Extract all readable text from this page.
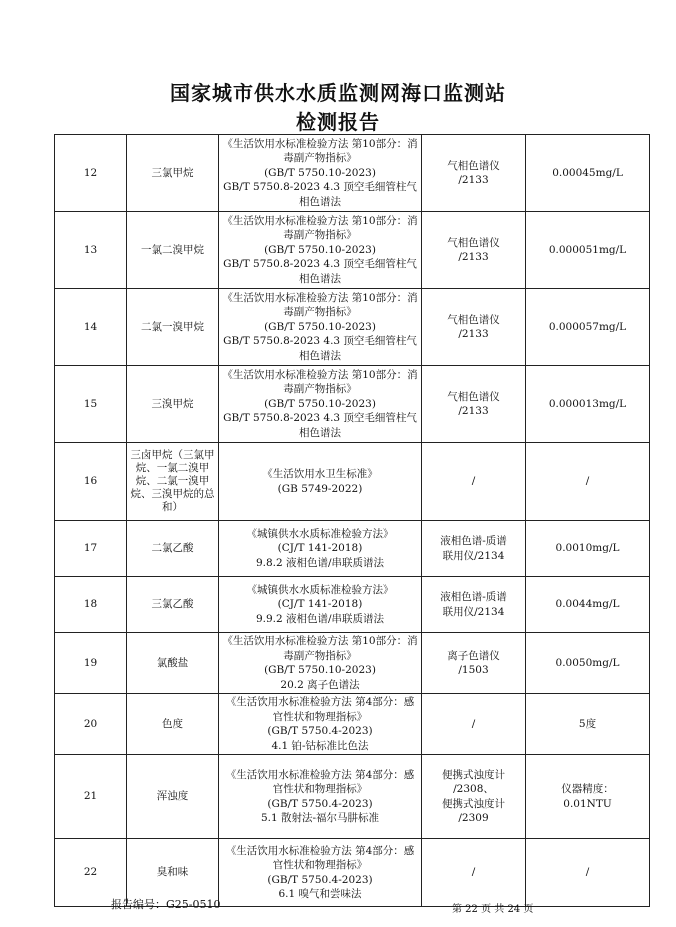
国家城市供水水质监测网海口监测站
检测报告
12	三氯甲烷	《生活饮用水标准检验方法 第10部分：消毒副产物指标》
(GB/T 5750.10-2023)
GB/T 5750.8-2023 4.3 顶空毛细管柱气相色谱法	气相色谱仪
/2133	0.00045mg/L
13	一氯二溴甲烷	《生活饮用水标准检验方法 第10部分：消毒副产物指标》
(GB/T 5750.10-2023)
GB/T 5750.8-2023 4.3 顶空毛细管柱气相色谱法	气相色谱仪
/2133	0.000051mg/L
14	二氯一溴甲烷	《生活饮用水标准检验方法 第10部分：消毒副产物指标》
(GB/T 5750.10-2023)
GB/T 5750.8-2023 4.3 顶空毛细管柱气相色谱法	气相色谱仪
/2133	0.000057mg/L
15	三溴甲烷	《生活饮用水标准检验方法 第10部分：消毒副产物指标》
(GB/T 5750.10-2023)
GB/T 5750.8-2023 4.3 顶空毛细管柱气相色谱法	气相色谱仪
/2133	0.000013mg/L
16	三卤甲烷（三氯甲烷、一氯二溴甲烷、二氯一溴甲烷、三溴甲烷的总和）	《生活饮用水卫生标准》
(GB 5749-2022)	/	/
17	二氯乙酸	《城镇供水水质标准检验方法》
(CJ/T 141-2018)
9.8.2 液相色谱/串联质谱法	液相色谱-质谱
联用仪/2134	0.0010mg/L
18	三氯乙酸	《城镇供水水质标准检验方法》
(CJ/T 141-2018)
9.9.2 液相色谱/串联质谱法	液相色谱-质谱
联用仪/2134	0.0044mg/L
19	氯酸盐	《生活饮用水标准检验方法 第10部分：消毒副产物指标》
(GB/T 5750.10-2023)
20.2 离子色谱法	离子色谱仪
/1503	0.0050mg/L
20	色度	《生活饮用水标准检验方法 第4部分：感官性状和物理指标》
(GB/T 5750.4-2023)
4.1 铂-钴标准比色法	/	5度
21	浑浊度	《生活饮用水标准检验方法 第4部分：感官性状和物理指标》
(GB/T 5750.4-2023)
5.1 散射法-福尔马肼标准	便携式浊度计
/2308、
便携式浊度计
/2309	仪器精度：
0.01NTU
22	臭和味	《生活饮用水标准检验方法 第4部分：感官性状和物理指标》
(GB/T 5750.4-2023)
6.1 嗅气和尝味法	/	/
报告编号：G25-0510	第 22 页 共 24 页
